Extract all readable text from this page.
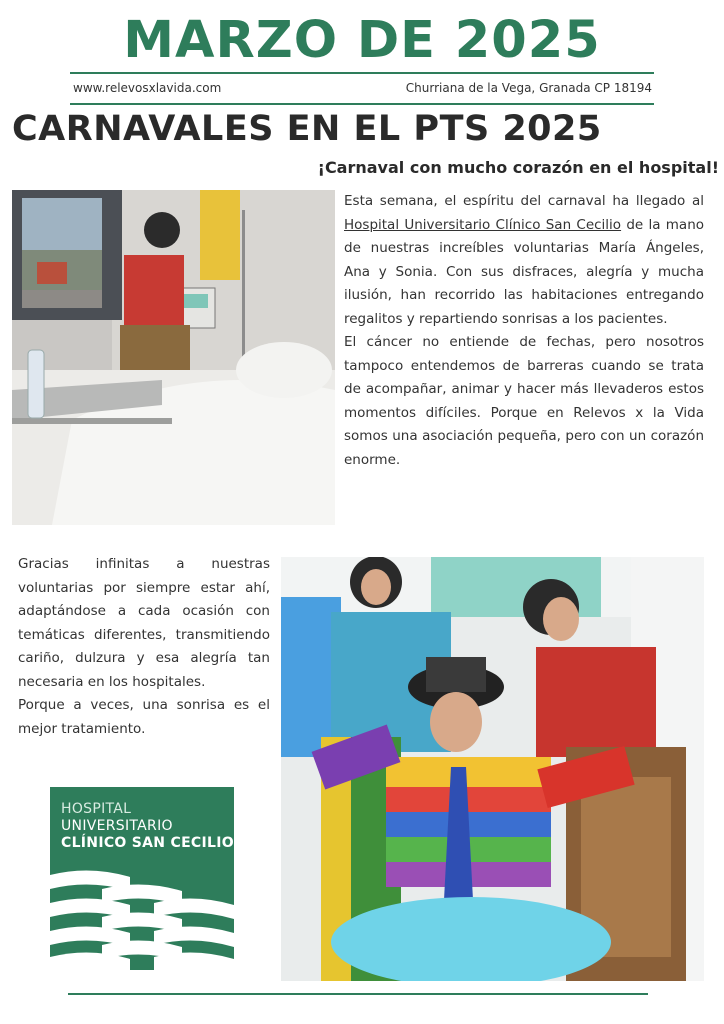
MARZO DE 2025
www.relevosxlavida.com	Churriana de la Vega, Granada CP 18194
CARNAVALES EN EL PTS 2025
¡Carnaval con mucho corazón en el hospital!

Esta semana, el espíritu del carnaval ha llegado al Hospital Universitario Clínico San Cecilio de la mano de nuestras increíbles voluntarias María Ángeles, Ana y Sonia. Con sus disfraces, alegría y mucha ilusión, han recorrido las habitaciones entregando regalitos y repartiendo sonrisas a los pacientes.

El cáncer no entiende de fechas, pero nosotros tampoco entendemos de barreras cuando se trata de acompañar, animar y hacer más llevaderos estos momentos difíciles. Porque en Relevos x la Vida somos una asociación pequeña, pero con un corazón enorme.

Gracias infinitas a nuestras voluntarias por siempre estar ahí, adaptándose a cada ocasión con temáticas diferentes, transmitiendo cariño, dulzura y esa alegría tan necesaria en los hospitales.

Porque a veces, una sonrisa es el mejor tratamiento.

HOSPITAL
UNIVERSITARIO
CLÍNICO SAN CECILIO
